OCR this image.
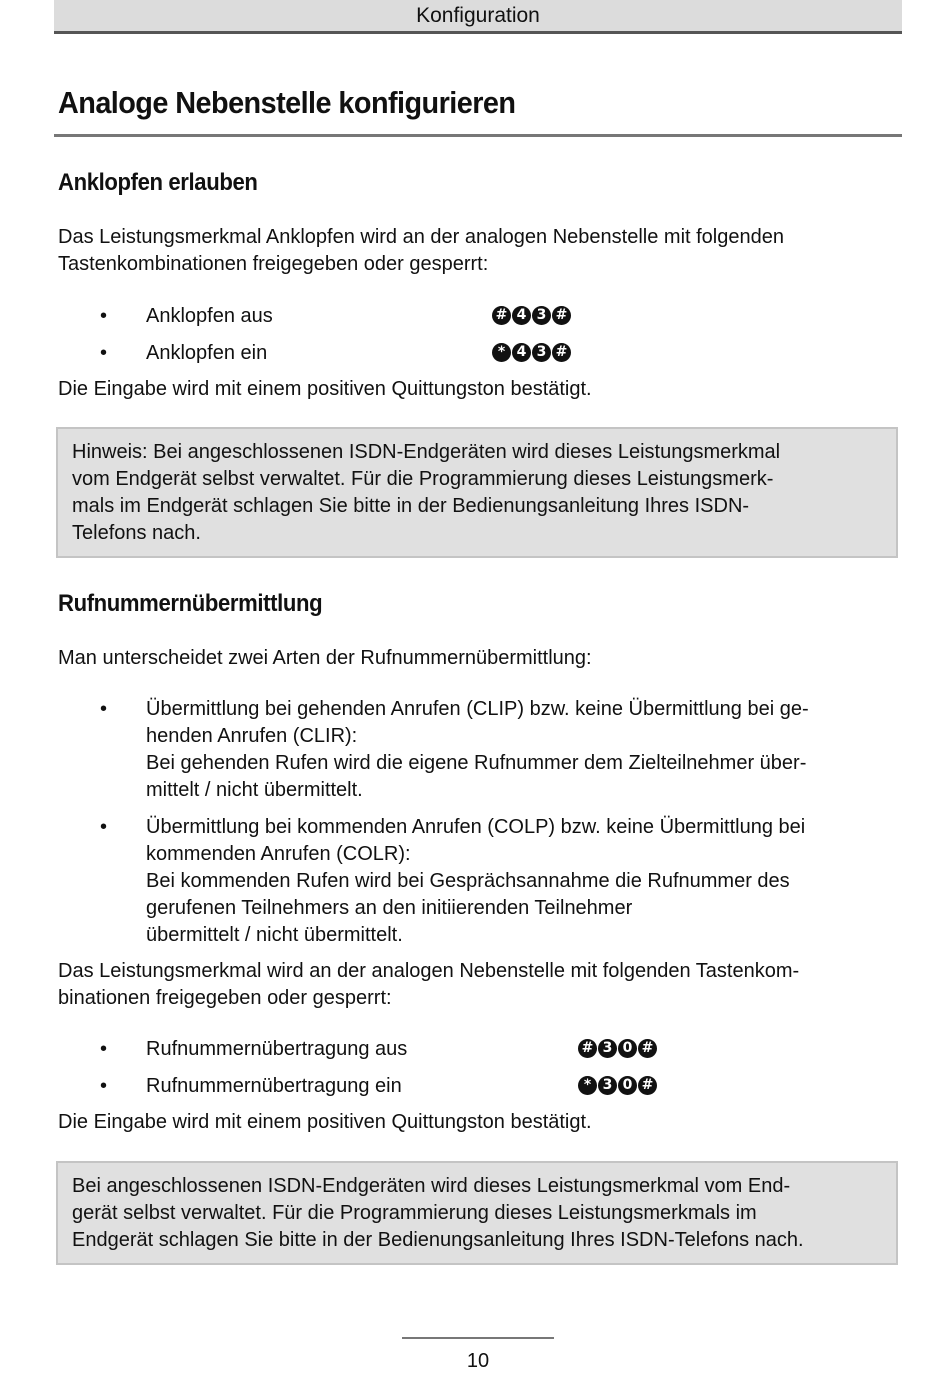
Konfiguration
Analoge Nebenstelle konfigurieren
Anklopfen erlauben
Das Leistungsmerkmal Anklopfen wird an der analogen Nebenstelle mit folgenden
Tastenkombinationen freigegeben oder gesperrt:
• Anklopfen aus	# 4 3 #
• Anklopfen ein	* 4 3 #
Die Eingabe wird mit einem positiven Quittungston bestätigt.
Hinweis: Bei angeschlossenen ISDN-Endgeräten wird dieses Leistungsmerkmal
vom Endgerät selbst verwaltet. Für die Programmierung dieses Leistungsmerk-
mals im Endgerät schlagen Sie bitte in der Bedienungsanleitung Ihres ISDN-
Telefons nach.
Rufnummernübermittlung
Man unterscheidet zwei Arten der Rufnummernübermittlung:
• Übermittlung bei gehenden Anrufen (CLIP) bzw. keine Übermittlung bei ge-
henden Anrufen (CLIR):
Bei gehenden Rufen wird die eigene Rufnummer dem Zielteilnehmer über-
mittelt / nicht übermittelt.
• Übermittlung bei kommenden Anrufen (COLP) bzw. keine Übermittlung bei
kommenden Anrufen (COLR):
Bei kommenden Rufen wird bei Gesprächsannahme die Rufnummer des
gerufenen Teilnehmers an den initiierenden Teilnehmer
übermittelt / nicht übermittelt.
Das Leistungsmerkmal wird an der analogen Nebenstelle mit folgenden Tastenkom-
binationen freigegeben oder gesperrt:
• Rufnummernübertragung aus	# 3 0 #
• Rufnummernübertragung ein	* 3 0 #
Die Eingabe wird mit einem positiven Quittungston bestätigt.
Bei angeschlossenen ISDN-Endgeräten wird dieses Leistungsmerkmal vom End-
gerät selbst verwaltet. Für die Programmierung dieses Leistungsmerkmals im
Endgerät schlagen Sie bitte in der Bedienungsanleitung Ihres ISDN-Telefons nach.
10
